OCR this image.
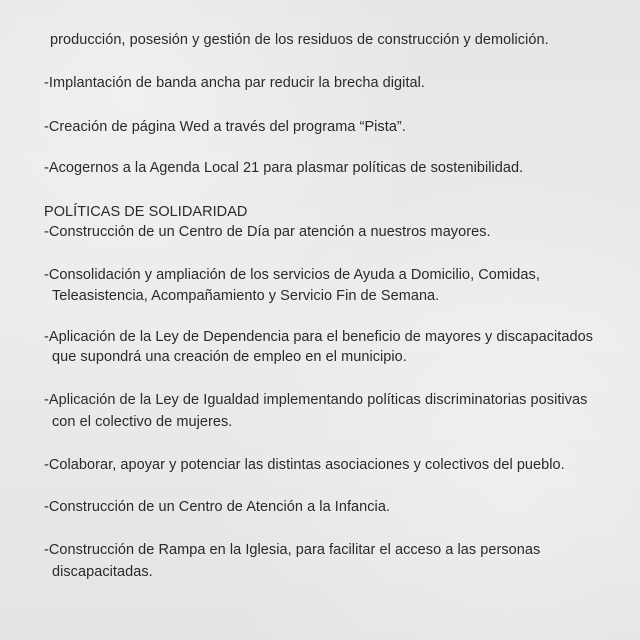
producción, posesión y gestión de los residuos de construcción y demolición.
-Implantación de banda ancha par reducir la brecha digital.
-Creación de página Wed a través del programa “Pista”.
-Acogernos a la Agenda Local 21 para plasmar políticas de sostenibilidad.
POLÍTICAS DE SOLIDARIDAD
-Construcción de un Centro de Día par atención a nuestros mayores.
-Consolidación y ampliación de los servicios de Ayuda a Domicilio, Comidas,
Teleasistencia, Acompañamiento y Servicio Fin de Semana.
-Aplicación de la Ley de Dependencia para el beneficio de mayores y discapacitados
que supondrá una creación de empleo en el municipio.
-Aplicación de la Ley de Igualdad implementando políticas discriminatorias positivas
con el colectivo de mujeres.
-Colaborar, apoyar y potenciar las distintas asociaciones y colectivos del pueblo.
-Construcción de un Centro de Atención a la Infancia.
-Construcción de Rampa en la Iglesia, para facilitar el acceso a las personas
discapacitadas.
